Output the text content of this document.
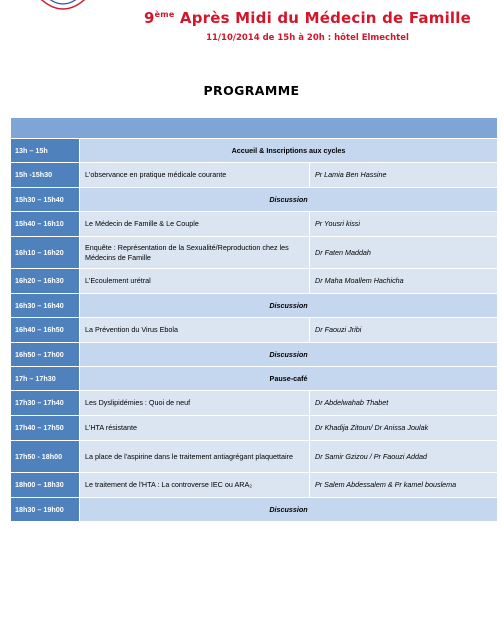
9ème Après Midi du Médecin de Famille
11/10/2014 de 15h à 20h : hôtel Elmechtel
PROGRAMME

13h – 15h	Accueil & Inscriptions aux cycles	
15h -15h30	L'observance en pratique médicale courante	Pr Lamia Ben Hassine
15h30 – 15h40	Discussion	
15h40 – 16h10	Le Médecin de Famille & Le Couple	Pr Yousri kissi
16h10 – 16h20	Enquête : Représentation de la Sexualité/Reproduction chez les Médecins de Famille	Dr Faten Maddah
16h20 – 16h30	L'Ecoulement urétral	Dr Maha Moallem Hachicha
16h30 – 16h40	Discussion	
16h40 – 16h50	La Prévention du Virus Ebola	Dr Faouzi Jribi
16h50 – 17h00	Discussion	
17h – 17h30	Pause-café	
17h30 – 17h40	Les Dyslipidémies : Quoi de neuf	Dr Abdelwahab Thabet
17h40 – 17h50	L'HTA résistante	Dr Khadija Zitoun/ Dr Anissa Joulak
17h50 - 18h00	La place de l'aspirine dans le traitement antiagrégant plaquettaire	Dr Samir Gzizou / Pr Faouzi Addad
18h00 – 18h30	Le traitement de l'HTA : La controverse IEC ou ARA₂	Pr Salem Abdessalem & Pr kamel bouslema
18h30 – 19h00	Discussion	
